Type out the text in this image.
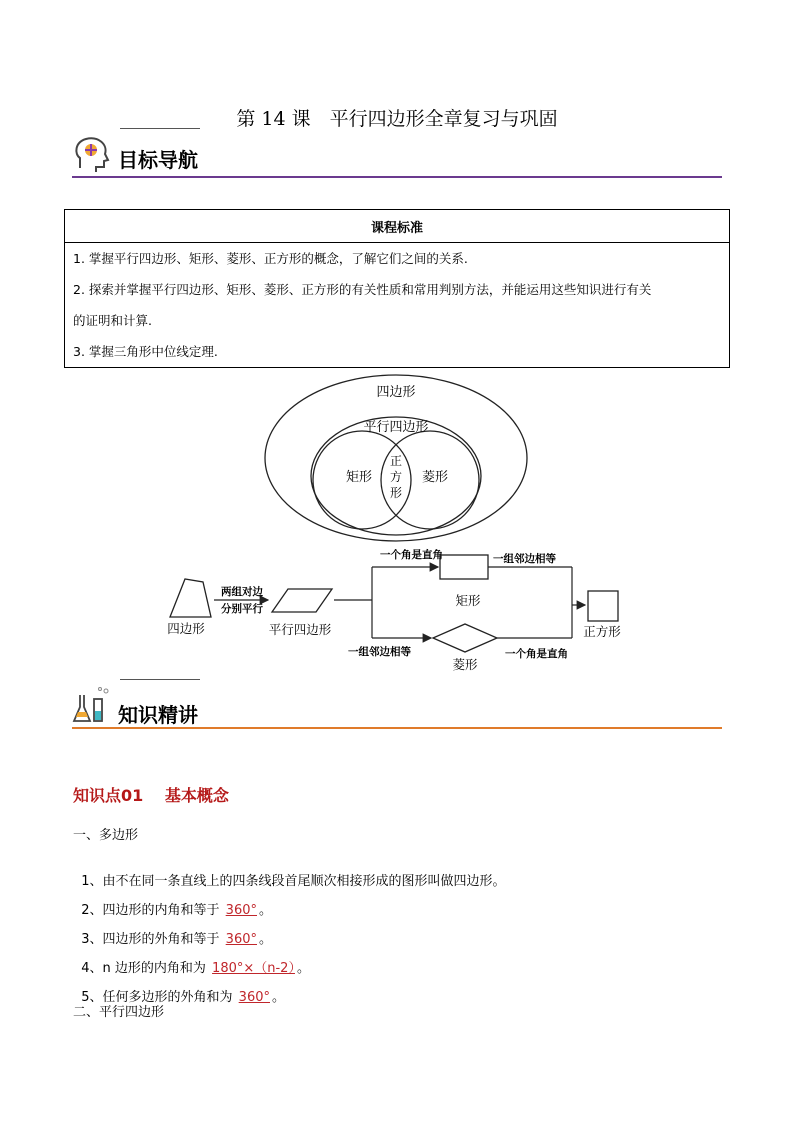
第 14 课　平行四边形全章复习与巩固
目标导航
课程标准

1. 掌握平行四边形、矩形、菱形、正方形的概念，了解它们之间的关系.

2. 探索并掌握平行四边形、矩形、菱形、正方形的有关性质和常用判别方法，并能运用这些知识进行有关

的证明和计算.

3. 掌握三角形中位线定理.

四边形
平行四边形
矩形	菱形
正
方
形
四边形
两组对边
分别平行
平行四边形
一个角是直角
一组邻边相等
矩形
菱形
一组邻边相等
一个角是直角
正方形
知识精讲
知识点01　 基本概念
一、多边形

1、由不在同一条直线上的四条线段首尾顺次相接形成的图形叫做四边形。

2、四边形的内角和等于 360° 。

3、四边形的外角和等于 360° 。

4、n 边形的内角和为 180°×（n-2） 。

5、任何多边形的外角和为 360° 。

二、平行四边形
